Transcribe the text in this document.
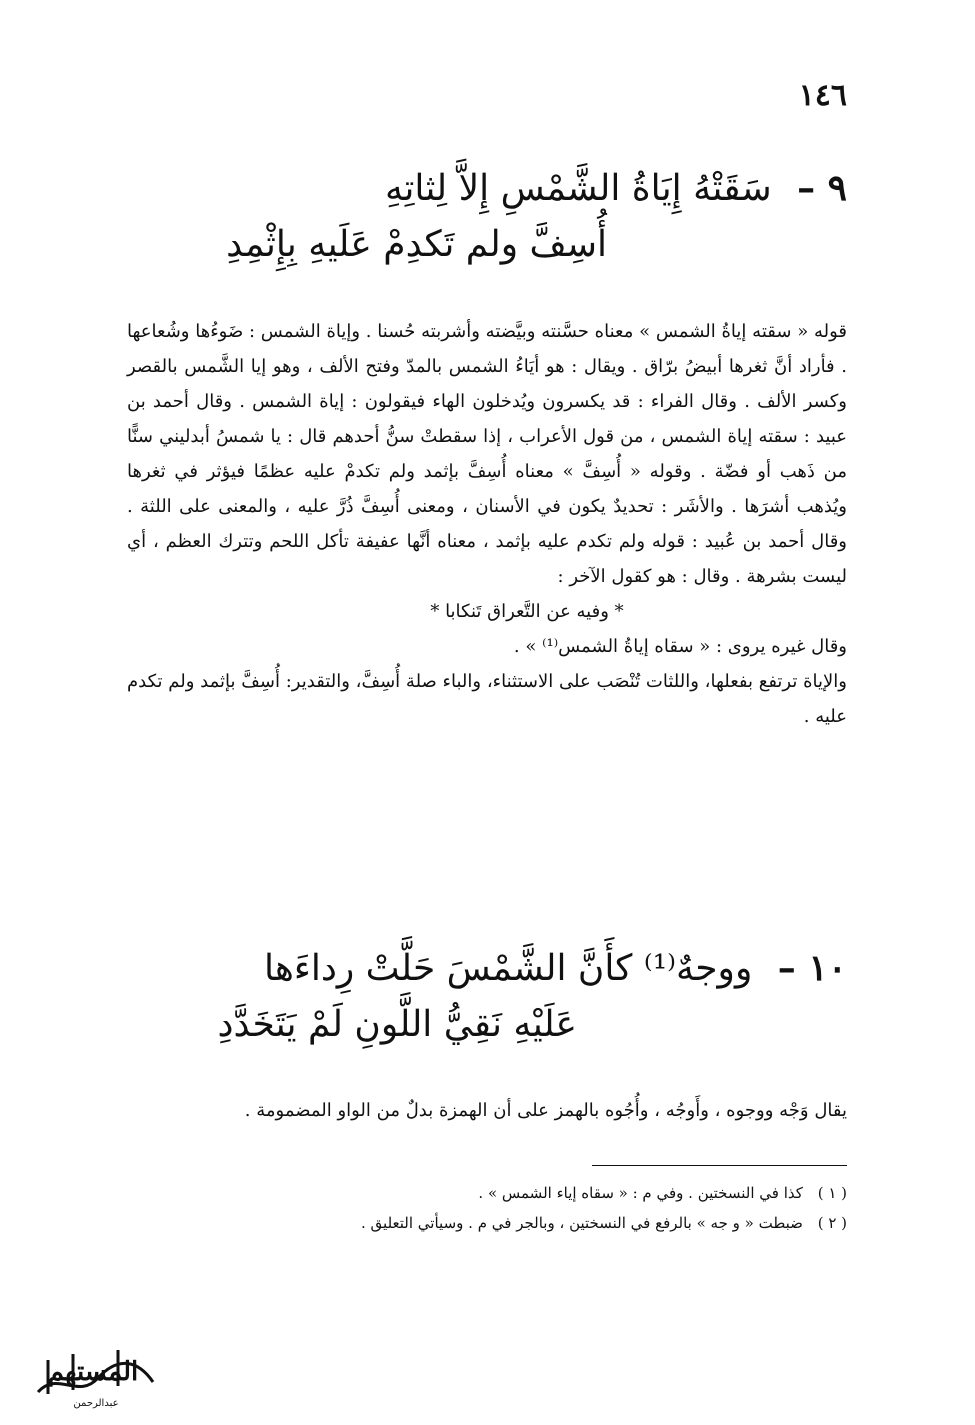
١٤٦
٩ – سَقَتْهُ إِيَاةُ الشَّمْسِ إِلاَّ لِثاتِهِ
أُسِفَّ ولم تَكدِمْ عَلَيهِ بِإِثْمِدِ

قوله « سقته إياةُ الشمس » معناه حسَّنته وبيَّضته وأشربته حُسنا . وإياة الشمس : ضَوءُها وشُعاعها . فأراد أنَّ ثغرها أبيضُ برّاق . ويقال : هو أيَاءُ الشمس بالمدّ وفتح الألف ، وهو إيا الشَّمس بالقصر وكسر الألف . وقال الفراء : قد يكسرون ويُدخلون الهاء فيقولون : إياة الشمس . وقال أحمد بن عبيد : سقته إياة الشمس ، من قول الأعراب ، إذا سقطتْ سنُّ أحدهم قال : يا شمسُ أبدليني سنًّا من ذَهب أو فضّة . وقوله « أُسِفَّ » معناه أُسِفَّ بإثمد ولم تكدمْ عليه عظمًا فيؤثر في ثغرها ويُذهب أشرَها . والأشَر : تحديدٌ يكون في الأسنان ، ومعنى أُسِفَّ ذُرَّ عليه ، والمعنى على اللثة . وقال أحمد بن عُبيد : قوله ولم تكدم عليه بإثمد ، معناه أنَّها عفيفة تأكل اللحم وتترك العظم ، أي ليست بشرهة . وقال : هو كقول الآخر :

* وفيه عن التَّعراق تَنكابا *

وقال غيره يروى : « سقاه إياةُ الشمس⁽¹⁾ » .

والإياة ترتفع بفعلها، واللثات تُنْصَب على الاستثناء، والباء صلة أُسِفَّ، والتقدير: أُسِفَّ بإثمد ولم تكدم عليه .

١٠ – ووجهٌ⁽¹⁾ كأَنَّ الشَّمْسَ حَلَّتْ رِداءَها
عَلَيْهِ نَقِيُّ اللَّونِ لَمْ يَتَخَدَّدِ

يقال وَجْه ووجوه ، وأَوجُه ، وأُجُوه بالهمز على أن الهمزة بدلٌ من الواو المضمومة .

( ١ ) كذا في النسختين . وفي م : « سقاه إياء الشمس » .
( ٢ ) ضبطت « و جه » بالرفع في النسختين ، وبالجر في م . وسيأتي التعليق .
المستهم
عبدالرحمن
